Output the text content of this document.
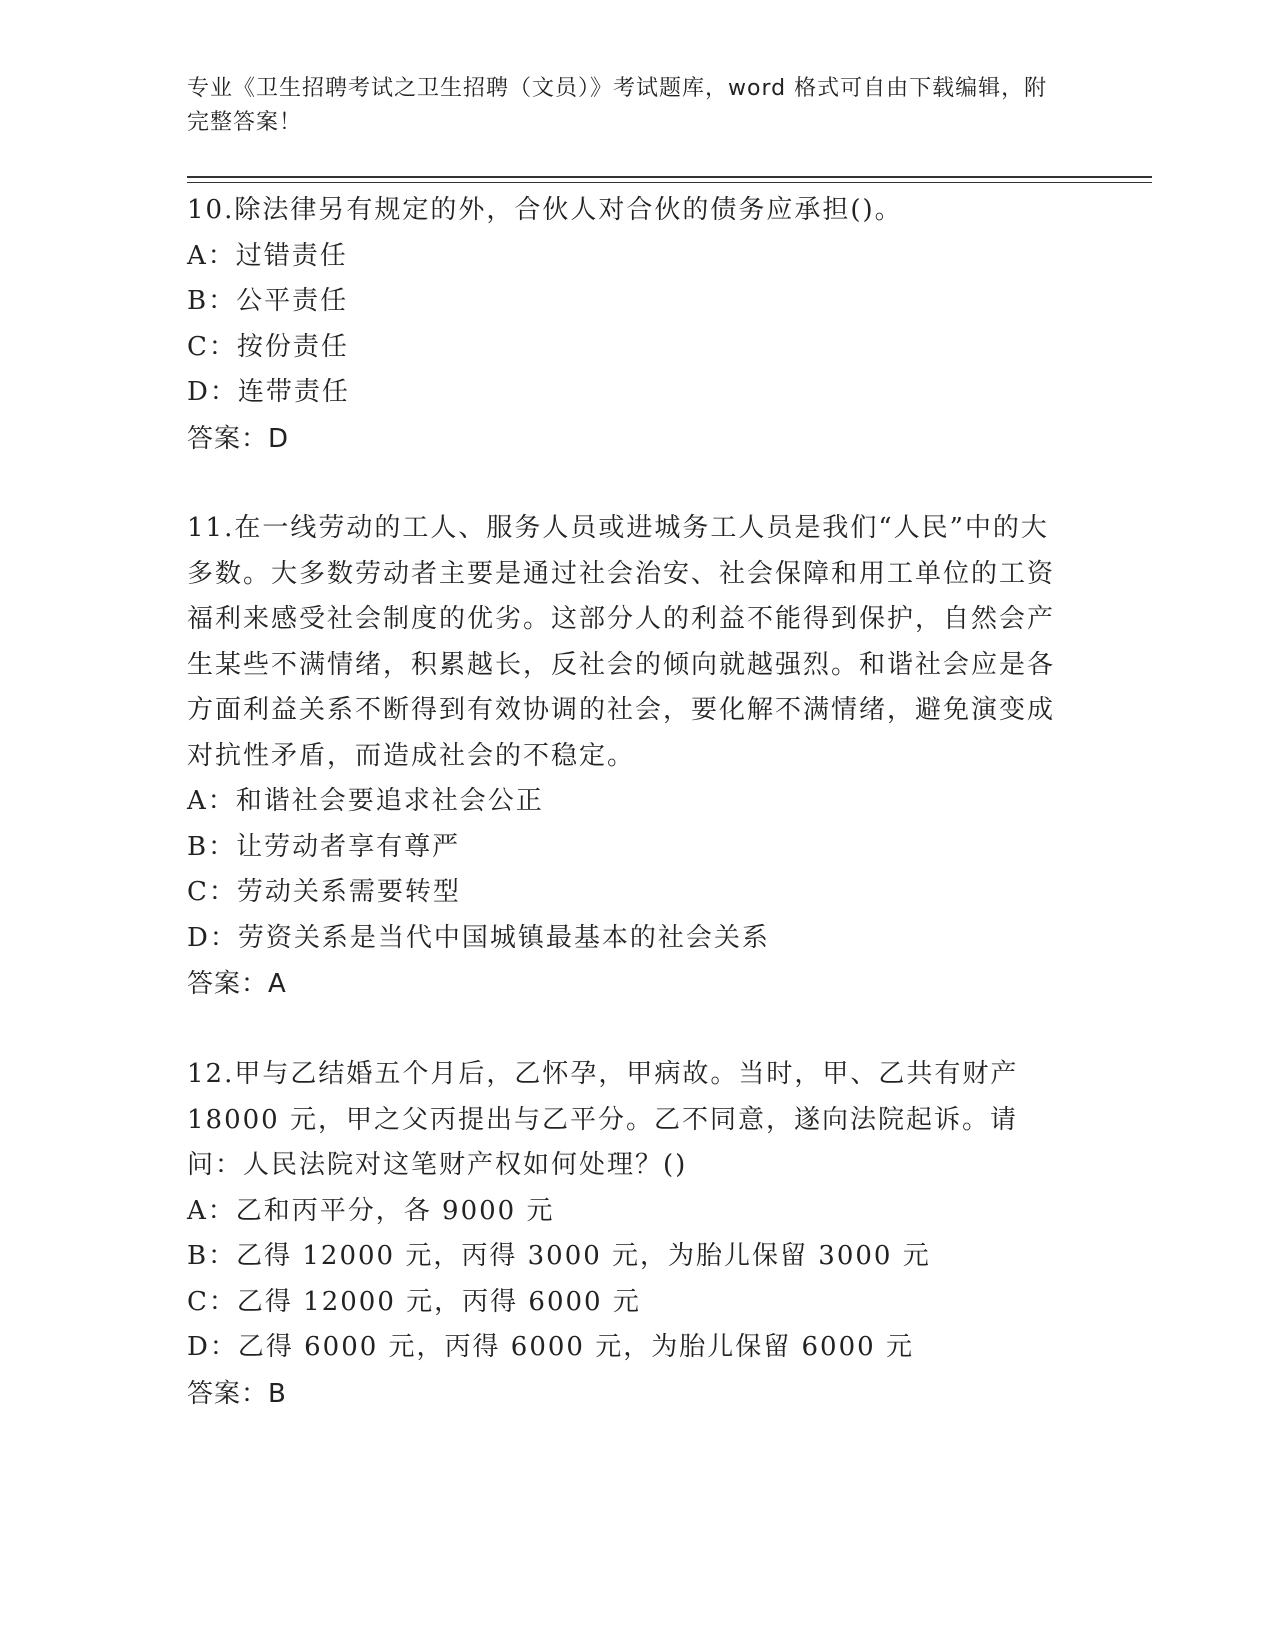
专业《卫生招聘考试之卫生招聘（文员）》考试题库，word 格式可自由下载编辑，附完整答案！

10.除法律另有规定的外，合伙人对合伙的债务应承担()。

A：过错责任

B：公平责任

C：按份责任

D：连带责任

答案：D

11.在一线劳动的工人、服务人员或进城务工人员是我们“人民”中的大多数。大多数劳动者主要是通过社会治安、社会保障和用工单位的工资福利来感受社会制度的优劣。这部分人的利益不能得到保护，自然会产生某些不满情绪，积累越长，反社会的倾向就越强烈。和谐社会应是各方面利益关系不断得到有效协调的社会，要化解不满情绪，避免演变成对抗性矛盾，而造成社会的不稳定。

A：和谐社会要追求社会公正

B：让劳动者享有尊严

C：劳动关系需要转型

D：劳资关系是当代中国城镇最基本的社会关系

答案：A

12.甲与乙结婚五个月后，乙怀孕，甲病故。当时，甲、乙共有财产 18000 元，甲之父丙提出与乙平分。乙不同意，遂向法院起诉。请问：人民法院对这笔财产权如何处理？()

A：乙和丙平分，各 9000 元

B：乙得 12000 元，丙得 3000 元，为胎儿保留 3000 元

C：乙得 12000 元，丙得 6000 元

D：乙得 6000 元，丙得 6000 元，为胎儿保留 6000 元

答案：B
